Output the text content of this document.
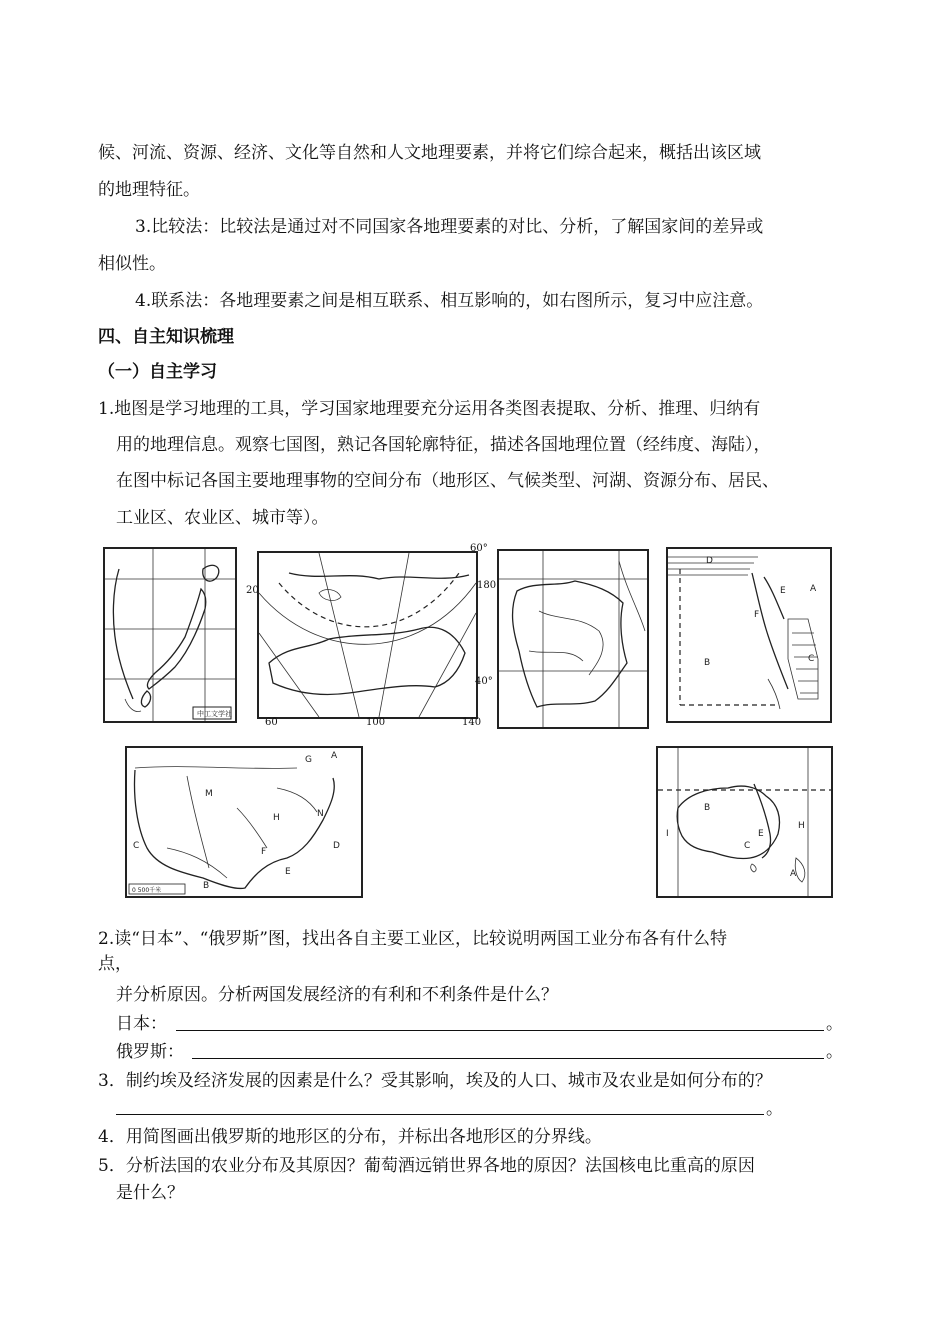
候、河流、资源、经济、文化等自然和人文地理要素，并将它们综合起来，概括出该区域
的地理特征。
3.比较法：比较法是通过对不同国家各地理要素的对比、分析，了解国家间的差异或
相似性。
4.联系法：各地理要素之间是相互联系、相互影响的，如右图所示，复习中应注意。
四、自主知识梳理
（一）自主学习
1.地图是学习地理的工具，学习国家地理要充分运用各类图表提取、分析、推理、归纳有
用的地理信息。观察七国图，熟记各国轮廓特征，描述各国地理位置（经纬度、海陆），
在图中标记各国主要地理事物的空间分布（地形区、气候类型、河湖、资源分布、居民、
工业区、农业区、城市等）。
中工文学社
60°
180
20
40°
60	100	140
D
A
E
F
C
B
G A
M
H	N
F
D
C
E
B
0 500千米
B
I
H
E
C
A
2.读“日本”、“俄罗斯”图，找出各自主要工业区，比较说明两国工业分布各有什么特
点，
并分析原因。分析两国发展经济的有利和不利条件是什么？
日本：	。
俄罗斯：	。
3．制约埃及经济发展的因素是什么？受其影响，埃及的人口、城市及农业是如何分布的？
。
4．用简图画出俄罗斯的地形区的分布，并标出各地形区的分界线。
5．分析法国的农业分布及其原因？葡萄酒远销世界各地的原因？法国核电比重高的原因
是什么？
